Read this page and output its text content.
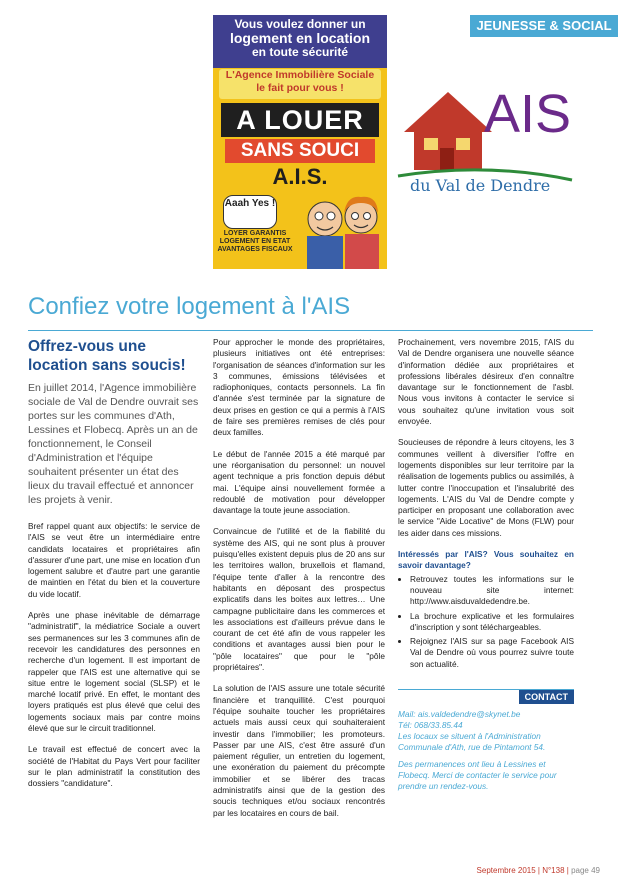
JEUNESSE & SOCIAL
Vous voulez donner un
logement en location
en toute sécurité
L'Agence Immobilière Sociale
le fait pour vous !
A LOUER
SANS SOUCI
A.I.S.
Aaah Yes !
LOYER GARANTIS LOGEMENT EN ETAT AVANTAGES FISCAUX
AIS
du Val de Dendre
Confiez votre logement à l'AIS
Offrez-vous une location sans soucis!
En juillet 2014, l'Agence immobilière sociale de Val de Dendre ouvrait ses portes sur les communes d'Ath, Lessines et Flobecq. Après un an de fonctionnement, le Conseil d'Administration et l'équipe souhaitent présenter un état des lieux du travail effectué et annoncer les projets à venir.

Bref rappel quant aux objectifs: le service de l'AIS se veut être un intermédiaire entre candidats locataires et propriétaires afin d'assurer d'une part, une mise en location d'un logement salubre et d'autre part une garantie de maintien en l'état du bien et la couverture du vide locatif.

Après une phase inévitable de démarrage "administratif", la médiatrice Sociale a ouvert ses permanences sur les 3 communes afin de recevoir les candidatures des personnes en recherche d'un logement. Il est important de rappeler que l'AIS est une alternative qui se situe entre le logement social (SLSP) et le marché locatif privé. En effet, le montant des loyers pratiqués est plus élevé que celui des logements sociaux mais par contre moins élevé que sur le circuit traditionnel.

Le travail est effectué de concert avec la société de l'Habitat du Pays Vert pour faciliter sur le plan administratif la constitution des dossiers "candidature".

Pour approcher le monde des propriétaires, plusieurs initiatives ont été entreprises: l'organisation de séances d'information sur les 3 communes, émissions télévisées et radiophoniques, contacts personnels. La fin d'année s'est terminée par la signature de deux prises en gestion ce qui a permis à l'AIS de faire ses premières remises de clés pour deux familles.

Le début de l'année 2015 a été marqué par une réorganisation du personnel: un nouvel agent technique a pris fonction depuis début mai. L'équipe ainsi nouvellement formée a redoublé de motivation pour développer davantage la toute jeune association.

Convaincue de l'utilité et de la fiabilité du système des AIS, qui ne sont plus à prouver puisqu'elles existent depuis plus de 20 ans sur les territoires wallon, bruxellois et flamand, l'équipe tente d'aller à la rencontre des habitants en déposant des prospectus explicatifs dans les boites aux lettres… Une campagne publicitaire dans les commerces et les associations est d'ailleurs prévue dans le courant de cet été afin de vous rappeler les conditions et avantages aussi bien pour le "pôle locataires" que pour le "pôle propriétaires".

La solution de l'AIS assure une totale sécurité financière et tranquillité. C'est pourquoi l'équipe souhaite toucher les propriétaires actuels mais aussi ceux qui souhaiteraient investir dans l'immobilier; les promoteurs. Passer par une AIS, c'est être assuré d'un paiement régulier, un entretien du logement, une exonération du paiement du précompte immobilier et se libérer des tracas administratifs ainsi que de la gestion des soucis techniques et/ou sociaux rencontrés par les locataires en cours de bail.

Prochainement, vers novembre 2015, l'AIS du Val de Dendre organisera une nouvelle séance d'information dédiée aux propriétaires et professions libérales désireux d'en connaître davantage sur le fonctionnement de l'asbl. Nous vous invitons à contacter le service si vous souhaitez qu'une invitation vous soit envoyée.

Soucieuses de répondre à leurs citoyens, les 3 communes veillent à diversifier l'offre en logements disponibles sur leur territoire par la réalisation de logements publics ou assimilés, à lutter contre l'inoccupation et l'insalubrité des logements. L'AIS du Val de Dendre compte y participer en proposant une collaboration avec le service "Aide Locative" de Mons (FLW) pour les aider dans ces missions.

Intéressés par l'AIS? Vous souhaitez en savoir davantage?
• Retrouvez toutes les informations sur le nouveau site internet: http://www.aisduvaldedendre.be.
• La brochure explicative et les formulaires d'inscription y sont téléchargeables.
• Rejoignez l'AIS sur sa page Facebook AIS Val de Dendre où vous pourrez suivre toute son actualité.
CONTACT
Mail: ais.valdedendre@skynet.be
Tél: 068/33.85.44

Les locaux se situent à l'Administration Communale d'Ath, rue de Pintamont 54.

Des permanences ont lieu à Lessines et Flobecq. Merci de contacter le service pour prendre un rendez-vous.

Septembre 2015 | N°138 | page 49
